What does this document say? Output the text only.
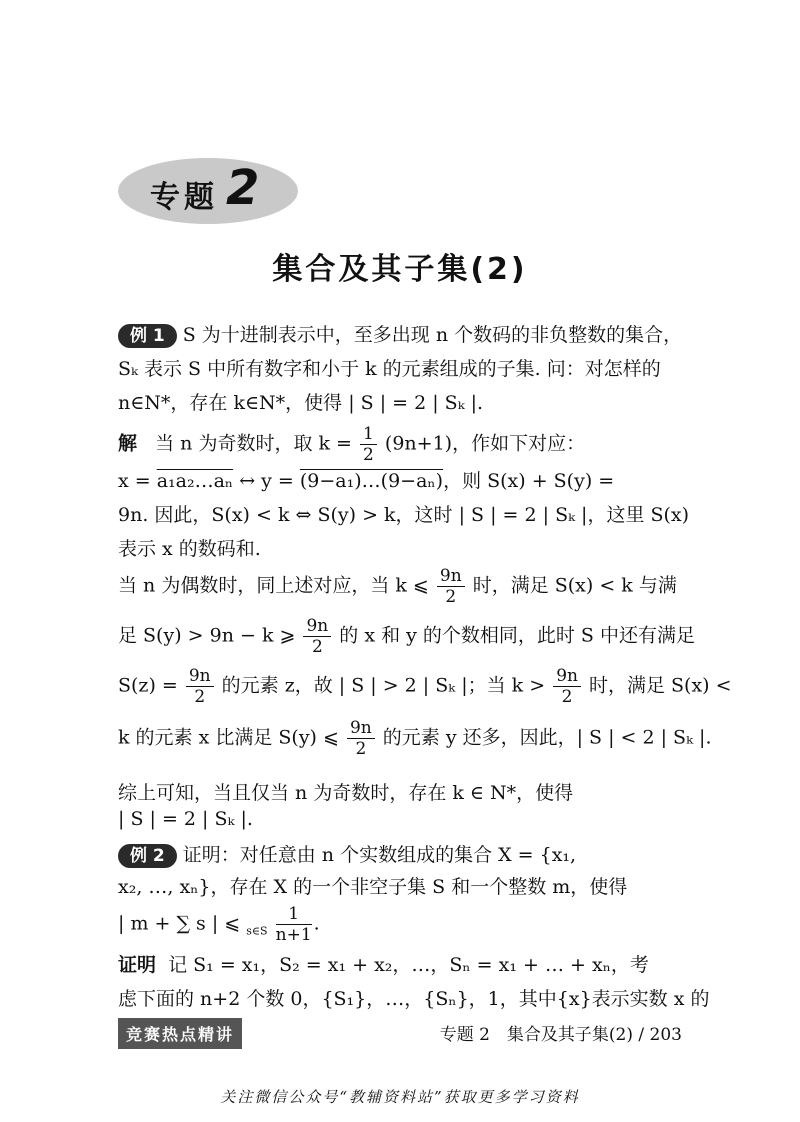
专题 2
集合及其子集(2)
例 1 S 为十进制表示中，至多出现 n 个数码的非负整数的集合，Sₖ 表示 S 中所有数字和小于 k 的元素组成的子集. 问：对怎样的 n∈N*，存在 k∈N*，使得 | S | = 2 | Sₖ |.
解 当 n 为奇数时，取 $k = \frac{1}{2} (9n+1)$，作如下对应：
x = a₁a₂…aₙ ↔ y = (9−a₁)…(9−aₙ)，则 S(x) + S(y) =
9n. 因此，S(x) < k ⇔ S(y) > k，这时 | S | = 2 | Sₖ |，这里 S(x)
表示 x 的数码和.
当 n 为偶数时，同上述对应，当 k ⩽ $\frac{9n}{2}$ 时，满足 S(x) < k 与满
足 S(y) > 9n − k ⩾ $\frac{9n}{2}$ 的 x 和 y 的个数相同，此时 S 中还有满足
$S(z) = \frac{9n}{2}$ 的元素 z，故 | S | > 2 | Sₖ |；当 $k > \frac{9n}{2}$ 时，满足 S(x) <
k 的元素 x 比满足 S(y) ⩽ $\frac{9n}{2}$ 的元素 y 还多，因此，| S | < 2 | Sₖ |.
综上可知，当且仅当 n 为奇数时，存在 k ∈ N*，使得
| S | = 2 | Sₖ |.
例 2 证明：对任意由 n 个实数组成的集合 X = {x₁,
x₂, …, xₙ}，存在 X 的一个非空子集 S 和一个整数 m，使得
| m + ∑ s | ⩽ $_{s\in S} \frac{1}{n+1}$ .
证明 记 S₁ = x₁，S₂ = x₁ + x₂，…，Sₙ = x₁ + … + xₙ，考
虑下面的 n+2 个数 0，{S₁}，…，{Sₙ}，1，其中{x}表示实数 x 的
竞赛热点精讲	专题 2　集合及其子集(2) / 203
关注微信公众号“教辅资料站”获取更多学习资料
